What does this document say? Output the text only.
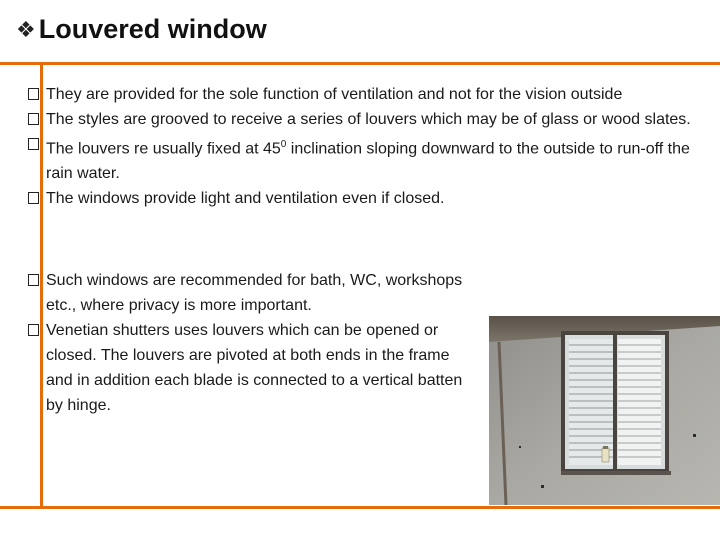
❖ Louvered window
They are provided for the sole function of ventilation and not for the vision outside
The styles are grooved to receive a series of louvers which may be of glass or wood slates.
The louvers re usually fixed at $45^0$ inclination sloping downward to the outside to run-off the rain water.
The windows provide light and ventilation even if closed.
Such windows are recommended for bath, WC, workshops etc., where privacy is more important.
Venetian shutters uses louvers which can be opened or closed. The louvers are pivoted at both ends in the frame and in addition each blade is connected to a vertical batten by hinge.
